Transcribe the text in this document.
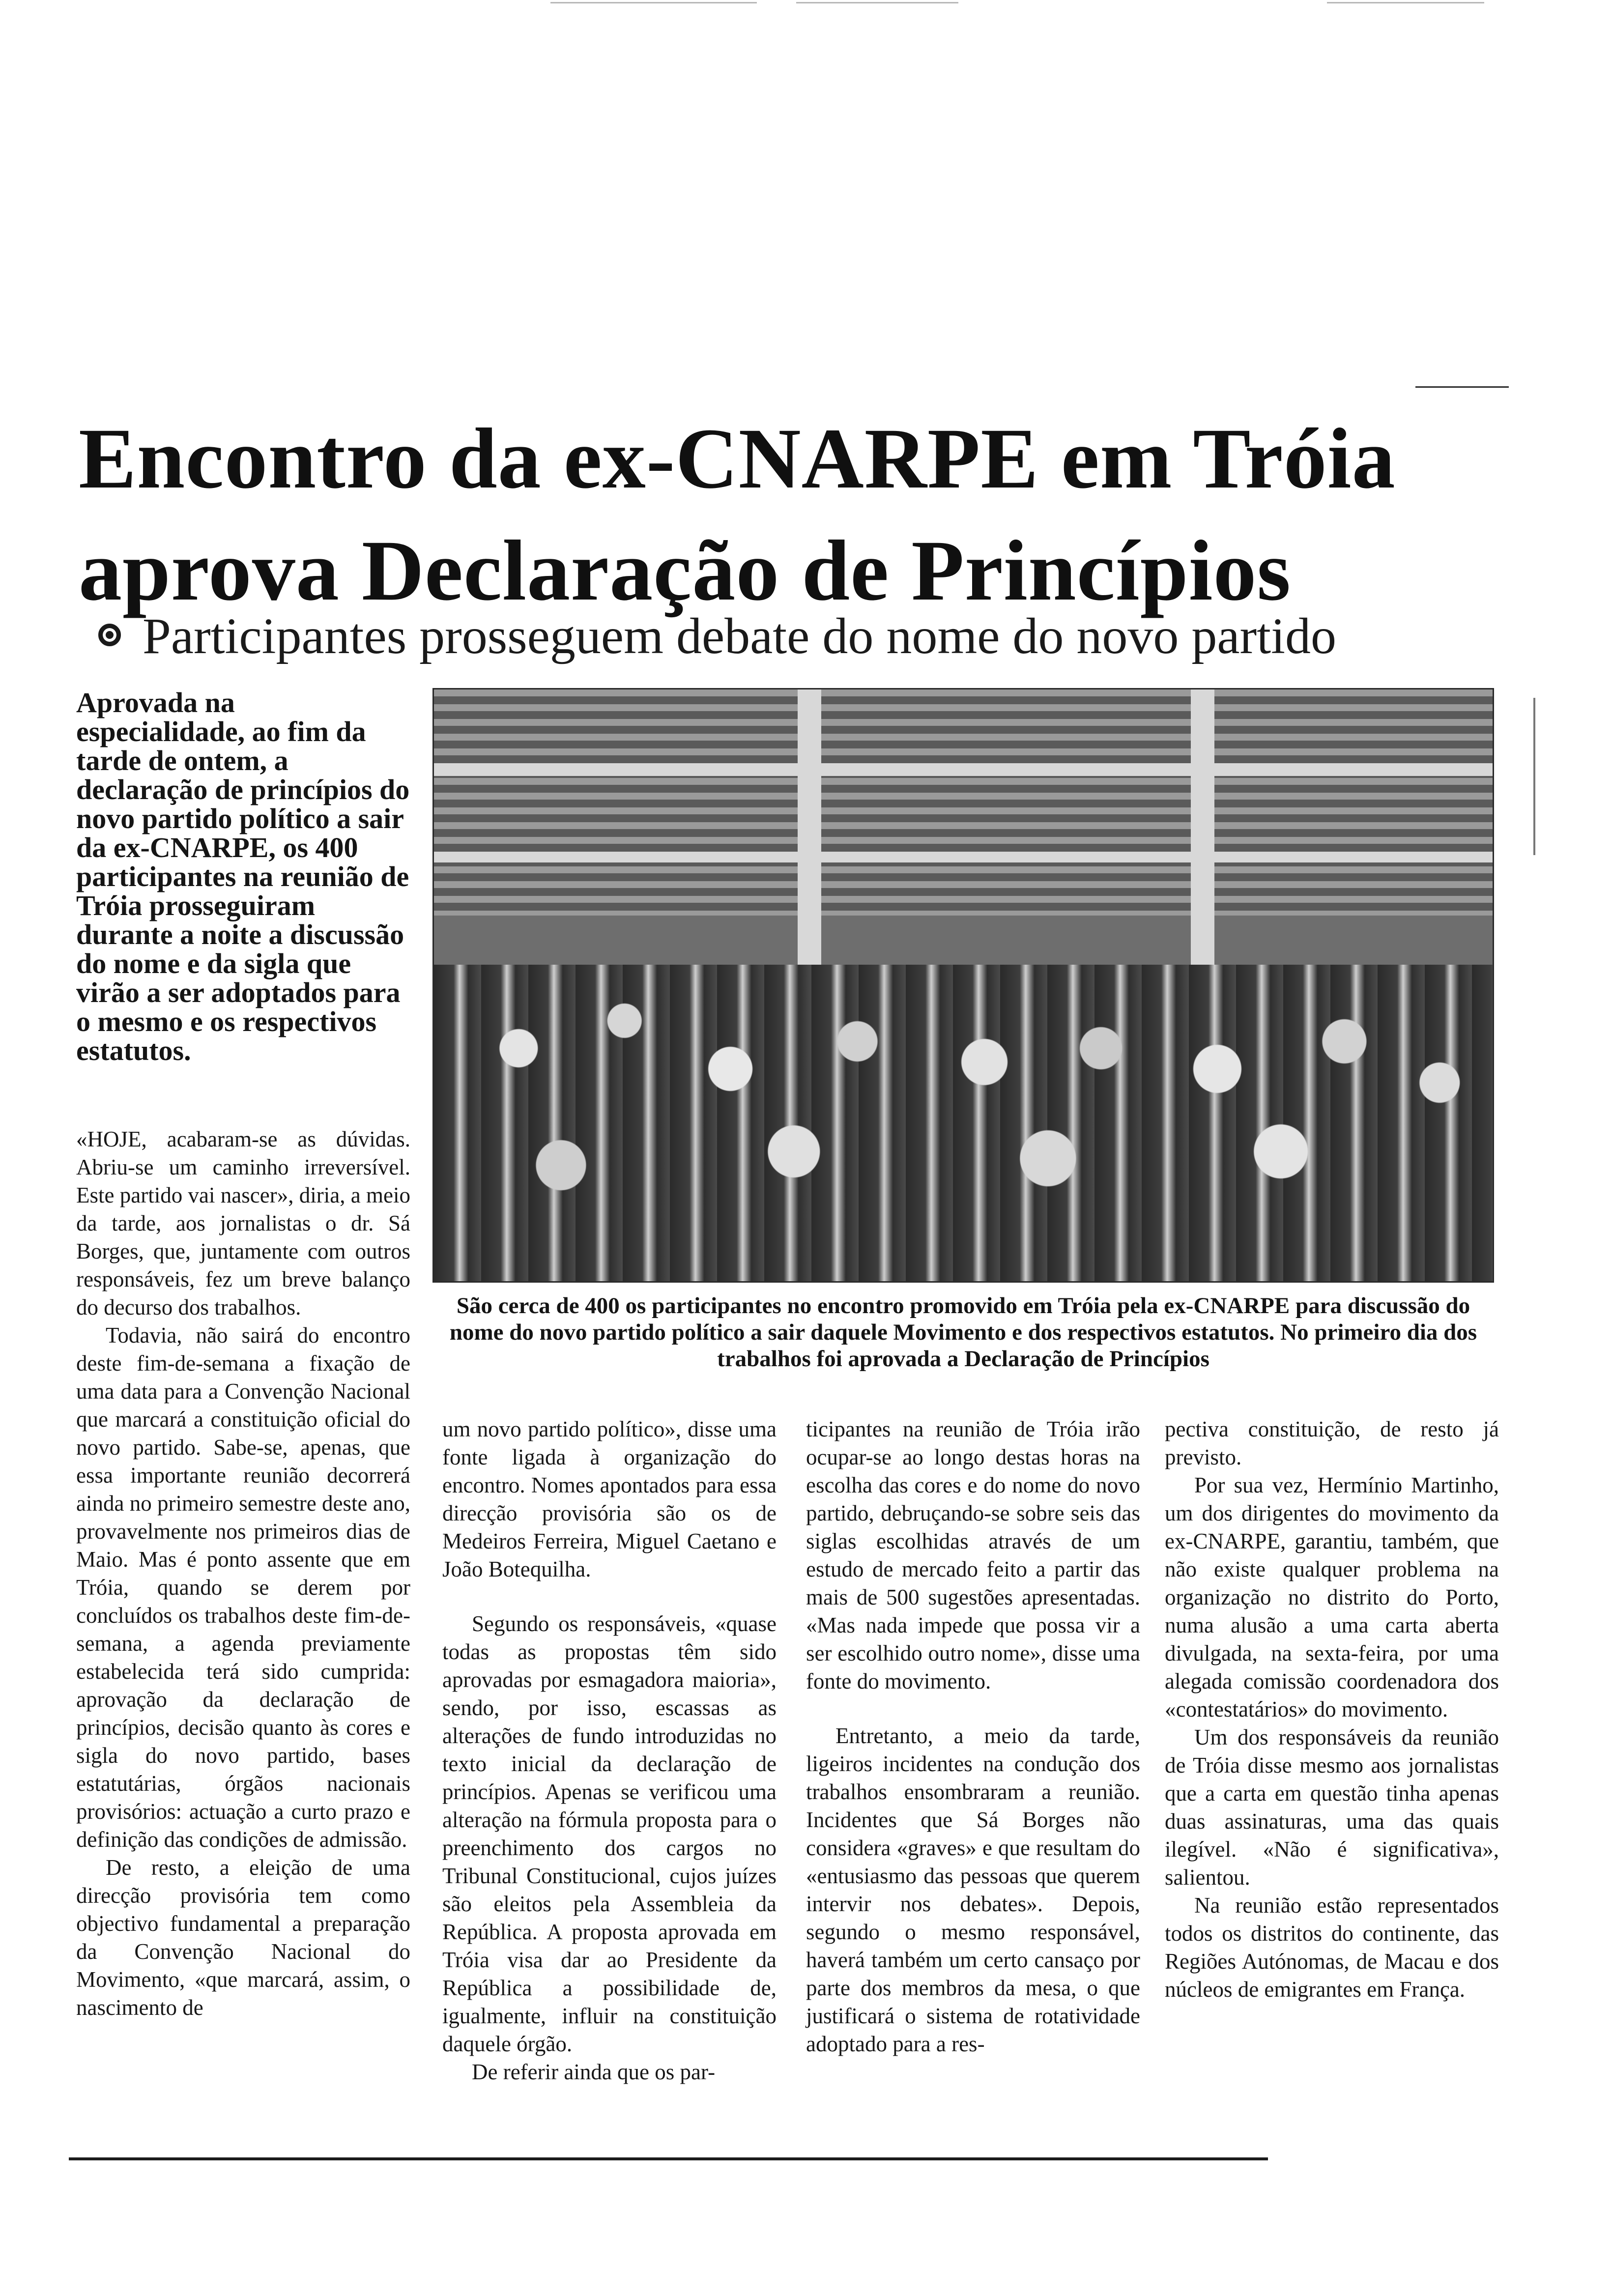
Encontro da ex-CNARPE em Tróia
aprova Declaração de Princípios
Participantes prosseguem debate do nome do novo partido

Aprovada na especialidade, ao fim da tarde de ontem, a declaração de princípios do novo partido político a sair da ex-CNARPE, os 400 participantes na reunião de Tróia prosseguiram durante a noite a discussão do nome e da sigla que virão a ser adoptados para o mesmo e os respectivos estatutos.

«HOJE, acabaram-se as dúvidas. Abriu-se um caminho irreversível. Este partido vai nascer», diria, a meio da tarde, aos jornalistas o dr. Sá Borges, que, juntamente com outros responsáveis, fez um breve balanço do decurso dos trabalhos.

Todavia, não sairá do encontro deste fim-de-semana a fixação de uma data para a Convenção Nacional que marcará a constituição oficial do novo partido. Sabe-se, apenas, que essa importante reunião decorrerá ainda no primeiro semestre deste ano, provavelmente nos primeiros dias de Maio. Mas é ponto assente que em Tróia, quando se derem por concluídos os trabalhos deste fim-de-semana, a agenda previamente estabelecida terá sido cumprida: aprovação da declaração de princípios, decisão quanto às cores e sigla do novo partido, bases estatutárias, órgãos nacionais provisórios: actuação a curto prazo e definição das condições de admissão.

De resto, a eleição de uma direcção provisória tem como objectivo fundamental a preparação da Convenção Nacional do Movimento, «que marcará, assim, o nascimento de

São cerca de 400 os participantes no encontro promovido em Tróia pela ex-CNARPE para discussão do nome do novo partido político a sair daquele Movimento e dos respectivos estatutos. No primeiro dia dos trabalhos foi aprovada a Declaração de Princípios

um novo partido político», disse uma fonte ligada à organização do encontro. Nomes apontados para essa direcção provisória são os de Medeiros Ferreira, Miguel Caetano e João Botequilha.

Segundo os responsáveis, «quase todas as propostas têm sido aprovadas por esmagadora maioria», sendo, por isso, escassas as alterações de fundo introduzidas no texto inicial da declaração de princípios. Apenas se verificou uma alteração na fórmula proposta para o preenchimento dos cargos no Tribunal Constitucional, cujos juízes são eleitos pela Assembleia da República. A proposta aprovada em Tróia visa dar ao Presidente da República a possibilidade de, igualmente, influir na constituição daquele órgão.

De referir ainda que os par-

ticipantes na reunião de Tróia irão ocupar-se ao longo destas horas na escolha das cores e do nome do novo partido, debruçando-se sobre seis das siglas escolhidas através de um estudo de mercado feito a partir das mais de 500 sugestões apresentadas. «Mas nada impede que possa vir a ser escolhido outro nome», disse uma fonte do movimento.

Entretanto, a meio da tarde, ligeiros incidentes na condução dos trabalhos ensombraram a reunião. Incidentes que Sá Borges não considera «graves» e que resultam do «entusiasmo das pessoas que querem intervir nos debates». Depois, segundo o mesmo responsável, haverá também um certo cansaço por parte dos membros da mesa, o que justificará o sistema de rotatividade adoptado para a res-

pectiva constituição, de resto já previsto.

Por sua vez, Hermínio Martinho, um dos dirigentes do movimento da ex-CNARPE, garantiu, também, que não existe qualquer problema na organização no distrito do Porto, numa alusão a uma carta aberta divulgada, na sexta-feira, por uma alegada comissão coordenadora dos «contestatários» do movimento.

Um dos responsáveis da reunião de Tróia disse mesmo aos jornalistas que a carta em questão tinha apenas duas assinaturas, uma das quais ilegível. «Não é significativa», salientou.

Na reunião estão representados todos os distritos do continente, das Regiões Autónomas, de Macau e dos núcleos de emigrantes em França.
